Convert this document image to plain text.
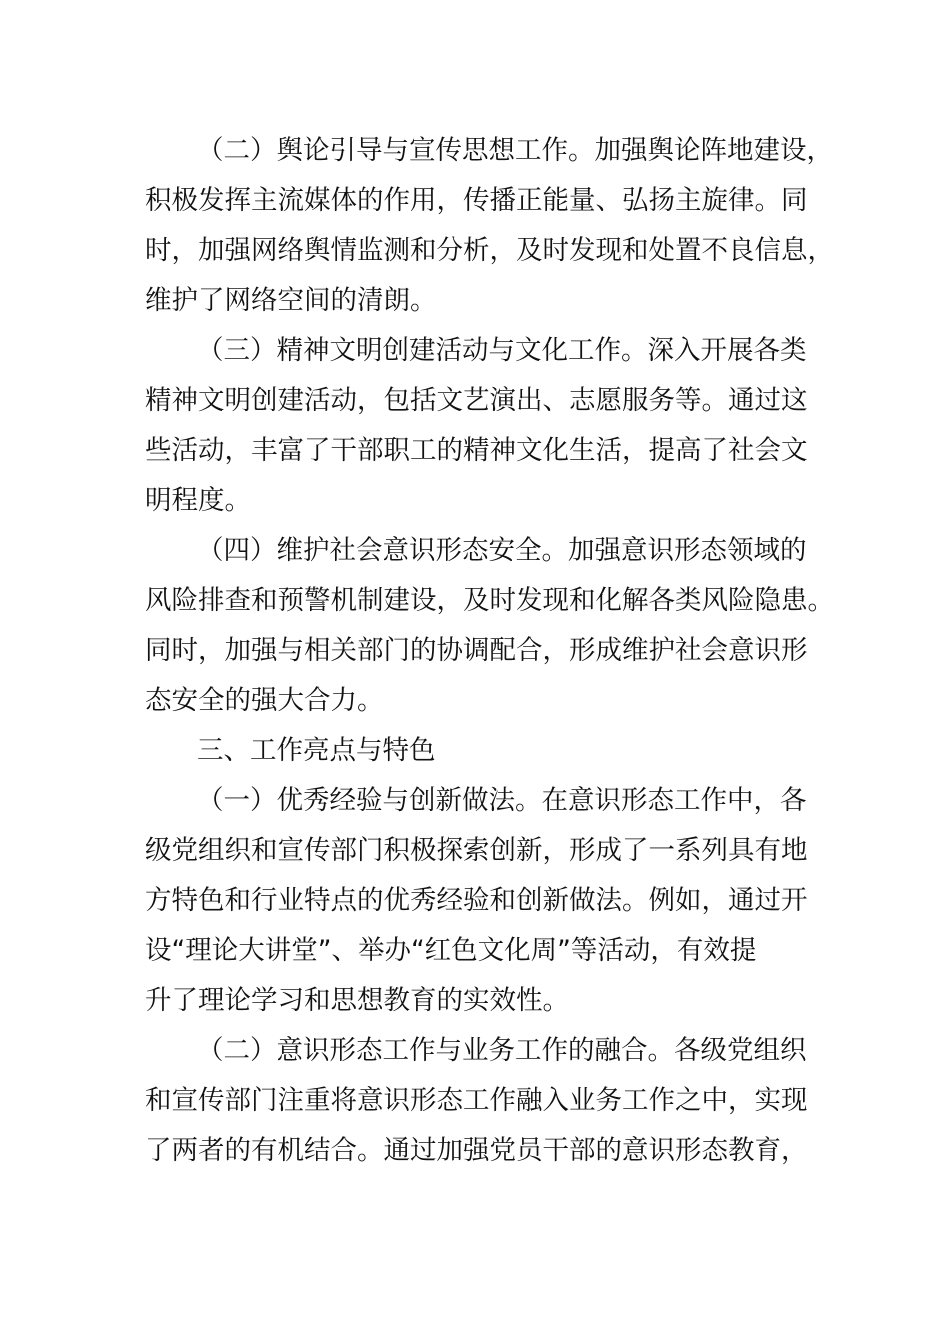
（二）舆论引导与宣传思想工作。加强舆论阵地建设，
积极发挥主流媒体的作用，传播正能量、弘扬主旋律。同
时，加强网络舆情监测和分析，及时发现和处置不良信息，
维护了网络空间的清朗。
（三）精神文明创建活动与文化工作。深入开展各类
精神文明创建活动，包括文艺演出、志愿服务等。通过这
些活动，丰富了干部职工的精神文化生活，提高了社会文
明程度。
（四）维护社会意识形态安全。加强意识形态领域的
风险排查和预警机制建设，及时发现和化解各类风险隐患。
同时，加强与相关部门的协调配合，形成维护社会意识形
态安全的强大合力。
三、工作亮点与特色
（一）优秀经验与创新做法。在意识形态工作中，各
级党组织和宣传部门积极探索创新，形成了一系列具有地
方特色和行业特点的优秀经验和创新做法。例如，通过开
设“理论大讲堂”、举办“红色文化周”等活动，有效提
升了理论学习和思想教育的实效性。
（二）意识形态工作与业务工作的融合。各级党组织
和宣传部门注重将意识形态工作融入业务工作之中，实现
了两者的有机结合。通过加强党员干部的意识形态教育，
